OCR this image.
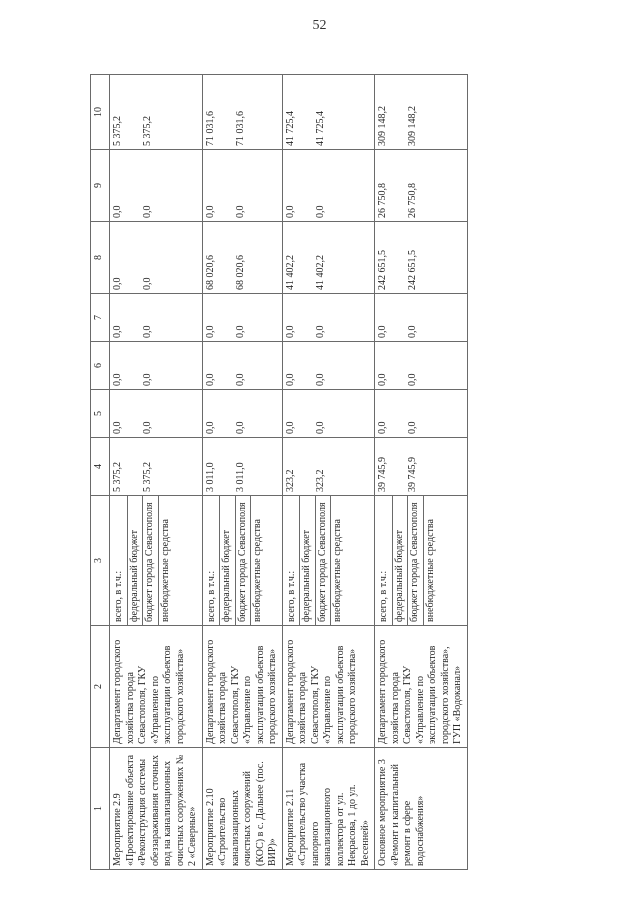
52
1	2	3	4	5	6	7	8	9	10
Мероприятие 2.9 «Проектирование объекта «Реконструкция системы обеззараживания сточных вод на канализационных очистных сооружениях № 2 «Северные»	Департамент городского хозяйства города Севастополя, ГКУ «Управление по эксплуатации объектов городского хозяйства»	всего, в т.ч.: федеральный бюджет бюджет города Севастополя внебюджетные средства	5 375,2 5 375,2	0,0 0,0	0,0 0,0	0,0 0,0	0,0 0,0	0,0 0,0	5 375,2 5 375,2

Мероприятие 2.10 «Строительство канализационных очистных сооружений (КОС) в с. Дальнее (пос. ВИР)»	Департамент городского хозяйства города Севастополя, ГКУ «Управление по эксплуатации объектов городского хозяйства»	всего, в т.ч.: федеральный бюджет бюджет города Севастополя внебюджетные средства	3 011,0 3 011,0	0,0 0,0	0,0 0,0	0,0 0,0	68 020,6 68 020,6	0,0 0,0	71 031,6 71 031,6

Мероприятие 2.11 «Строительство участка напорного канализационного коллектора от ул. Некрасова, 1 до ул. Весенней»	Департамент городского хозяйства города Севастополя, ГКУ «Управление по эксплуатации объектов городского хозяйства»	всего, в т.ч.: федеральный бюджет бюджет города Севастополя внебюджетные средства	323,2 323,2	0,0 0,0	0,0 0,0	0,0 0,0	41 402,2 41 402,2	0,0 0,0	41 725,4 41 725,4

Основное мероприятие 3 «Ремонт и капитальный ремонт в сфере водоснабжения»	Департамент городского хозяйства города Севастополя, ГКУ «Управление по эксплуатации объектов городского хозяйства», ГУП «Водоканал»	всего, в т.ч.: федеральный бюджет бюджет города Севастополя внебюджетные средства	39 745,9 39 745,9	0,0 0,0	0,0 0,0	0,0 0,0	242 651,5 242 651,5	26 750,8 26 750,8	309 148,2 309 148,2
